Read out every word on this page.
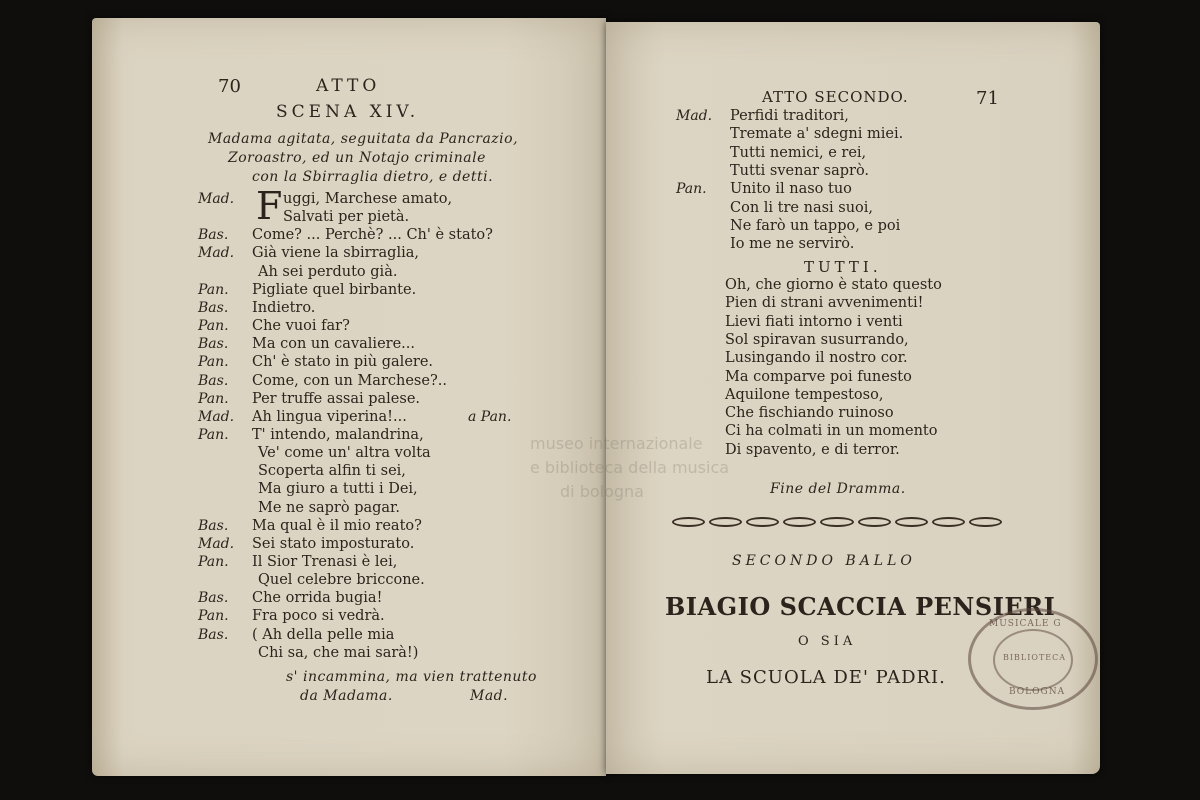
70	ATTO
SCENA XIV.
Madama agitata, seguitata da Pancrazio,
Zoroastro, ed un Notajo criminale
con la Sbirraglia dietro, e detti.
Mad. F uggi, Marchese amato,
Salvati per pietà.
Bas. Come? ... Perchè? ... Ch' è stato?
Mad. Già viene la sbirraglia,
Ah sei perduto già.
Pan. Pigliate quel birbante.
Bas. Indietro.
Pan. Che vuoi far?
Bas. Ma con un cavaliere...
Pan. Ch' è stato in più galere.
Bas. Come, con un Marchese?..
Pan. Per truffe assai palese.
Mad. Ah lingua viperina!...	a Pan.
Pan. T' intendo, malandrina,
Ve' come un' altra volta
Scoperta alfin ti sei,
Ma giuro a tutti i Dei,
Me ne saprò pagar.
Bas. Ma qual è il mio reato?
Mad. Sei stato imposturato.
Pan. Il Sior Trenasi è lei,
Quel celebre briccone.
Bas. Che orrida bugia!
Pan. Fra poco si vedrà.
Bas. ( Ah della pelle mia
Chi sa, che mai sarà!)
s' incammina, ma vien trattenuto
da Madama.	Mad.
ATTO SECONDO.	71
Mad. Perfidi traditori,
Tremate a' sdegni miei.
Tutti nemici, e rei,
Tutti svenar saprò.
Pan. Unito il naso tuo
Con li tre nasi suoi,
Ne farò un tappo, e poi
Io me ne servirò.
TUTTI.
Oh, che giorno è stato questo
Pien di strani avvenimenti!
Lievi fiati intorno i venti
Sol spiravan susurrando,
Lusingando il nostro cor.
Ma comparve poi funesto
Aquilone tempestoso,
Che fischiando ruinoso
Ci ha colmati in un momento
Di spavento, e di terror.
Fine del Dramma.
SECONDO BALLO
BIAGIO SCACCIA PENSIERI
O SIA
LA SCUOLA DE' PADRI.
MUSICALE G
BIBLIOTECA
BOLOGNA
museo internazionale
e biblioteca della musica
di bologna
